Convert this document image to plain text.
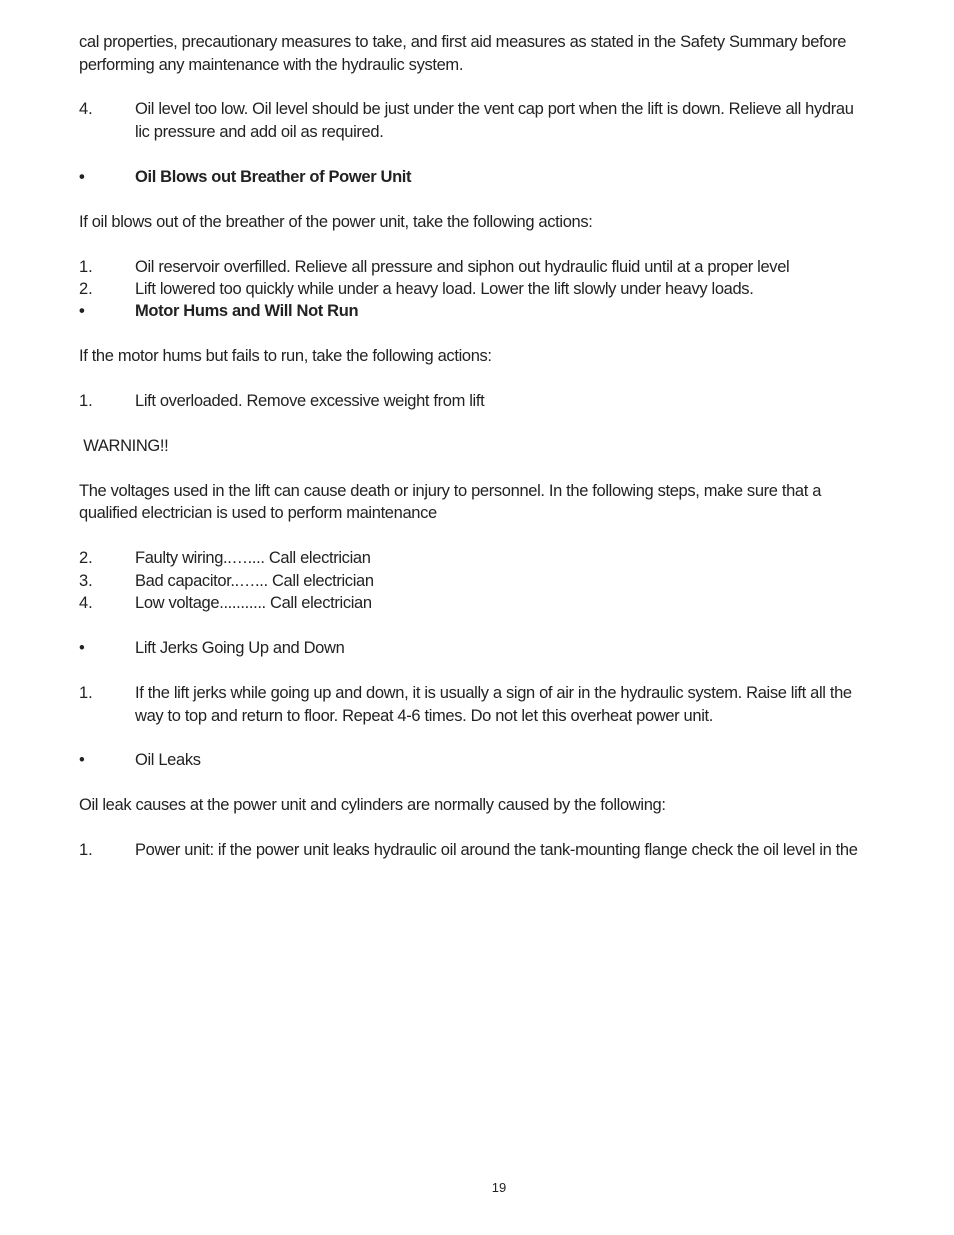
cal properties, precautionary measures to take, and first aid measures as stated in the Safety Summary before
performing any maintenance with the hydraulic system.
4.	Oil level too low. Oil level should be just under the vent cap port when the lift is down. Relieve all hydrau
lic pressure and add oil as required.
•	Oil Blows out Breather of Power Unit
If oil blows out of the breather of the power unit, take the following actions:
1.	Oil reservoir overfilled. Relieve all pressure and siphon out hydraulic fluid until at a proper level
2.	Lift lowered too quickly while under a heavy load. Lower the lift slowly under heavy loads.
•	Motor Hums and Will Not Run
If the motor hums but fails to run, take the following actions:
1.	Lift overloaded. Remove excessive weight from lift
WARNING!!
The voltages used in the lift can cause death or injury to personnel. In the following steps, make sure that a
qualified electrician is used to perform maintenance
2.	Faulty wiring..….... Call electrician
3.	Bad capacitor..…... Call electrician
4.	Low voltage........... Call electrician
•	Lift Jerks Going Up and Down
1.	If the lift jerks while going up and down, it is usually a sign of air in the hydraulic system. Raise lift all the
way to top and return to floor. Repeat 4-6 times. Do not let this overheat power unit.
•	Oil Leaks
Oil leak causes at the power unit and cylinders are normally caused by the following:
1.	Power unit: if the power unit leaks hydraulic oil around the tank-mounting flange check the oil level in the
19
